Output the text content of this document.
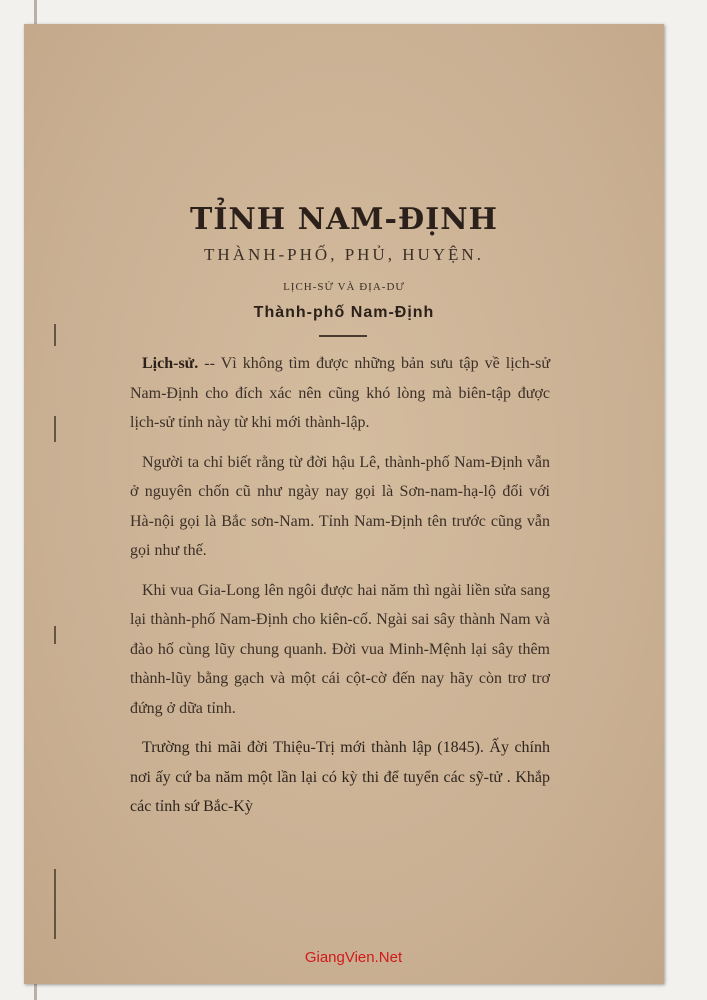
TỈNH NAM-ĐỊNH
THÀNH-PHỐ, PHỦ, HUYỆN.
LỊCH-SỬ VÀ ĐỊA-DƯ
Thành-phố Nam-Định

Lịch-sử. -- Vì không tìm được những bản sưu tập về lịch-sử Nam-Định cho đích xác nên cũng khó lòng mà biên-tập được lịch-sử tỉnh này từ khi mới thành-lập.

Người ta chỉ biết rằng từ đời hậu Lê, thành-phố Nam-Định vẫn ở nguyên chốn cũ như ngày nay gọi là Sơn-nam-hạ-lộ đối với Hà-nội gọi là Bắc sơn-Nam. Tỉnh Nam-Định tên trước cũng vẫn gọi như thế.

Khi vua Gia-Long lên ngôi được hai năm thì ngài liền sửa sang lại thành-phố Nam-Định cho kiên-cố. Ngài sai sây thành Nam và đào hố cùng lũy chung quanh. Đời vua Minh-Mệnh lại sây thêm thành-lũy bằng gạch và một cái cột-cờ đến nay hãy còn trơ trơ đứng ở dữa tỉnh.

Trường thi mãi đời Thiệu-Trị mới thành lập (1845). Ấy chính nơi ấy cứ ba năm một lần lại có kỳ thi để tuyển các sỹ-tử . Khắp các tỉnh sứ Bắc-Kỳ

GiangVien.Net
